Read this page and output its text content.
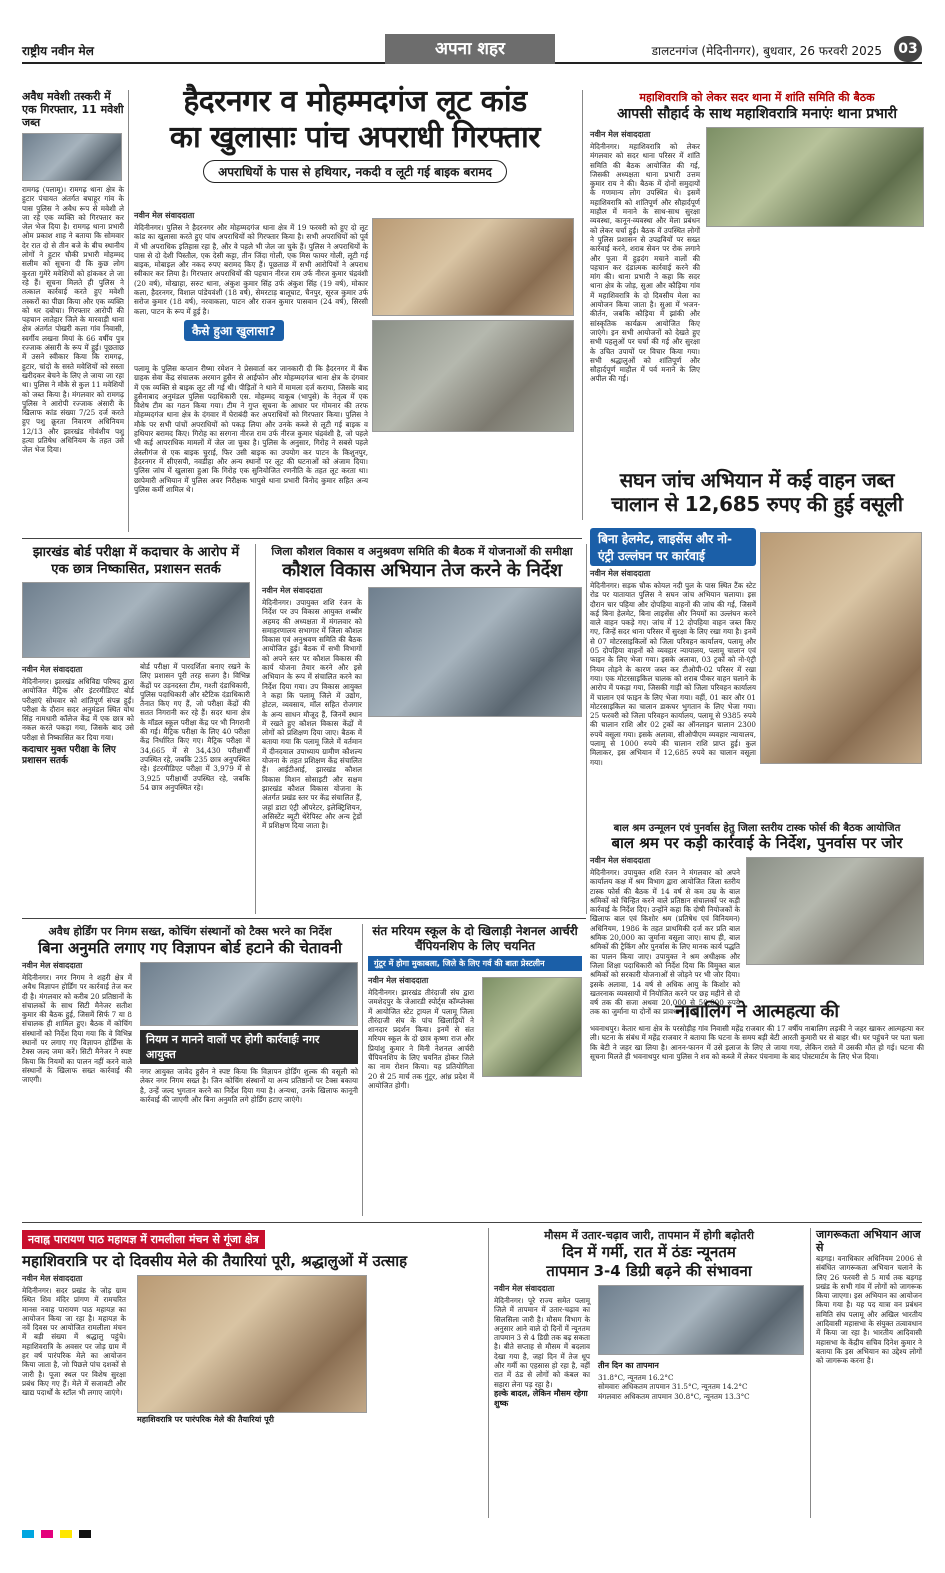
राष्ट्रीय नवीन मेल	अपना शहर	डालटनगंज (मेदिनीनगर), बुधवार, 26 फरवरी 2025	03
अवैध मवेशी तस्करी में एक गिरफ्तार, 11 मवेशी जब्त
रामगढ़ (पलामू)। रामगढ़ थाना क्षेत्र के हुटार पंचायत अंतर्गत बघाहूर गांव के पास पुलिस ने अवैध रूप से मवेशी ले जा रहे एक व्यक्ति को गिरफ्तार कर जेल भेज दिया है। रामगढ़ थाना प्रभारी ओम प्रकाश शाह ने बताया कि सोमवार देर रात दो से तीन बजे के बीच स्थानीय लोगों ने हुटार चौकी प्रभारी मोहम्मद सलीम को सूचना दी कि कुछ लोग कुरता गुमेरे मवेशियों को हांककर ले जा रहे हैं। सूचना मिलते ही पुलिस ने तत्काल कार्रवाई करते हुए मवेशी तस्करों का पीछा किया और एक व्यक्ति को धर दबोचा। गिरफ्तार आरोपी की पहचान लातेहार जिले के मारवाड़ी थाना क्षेत्र अंतर्गत पोखरी कला गांव निवासी, स्वर्गीय लखना मियां के 66 वर्षीय पुत्र रज्जाक अंसारी के रूप में हुई। पूछताछ में उसने स्वीकार किया कि रामगढ़, हुटार, चांदो के सस्ते मवेशियों को सस्ता खरीदकर बेचने के लिए ले जाया जा रहा था। पुलिस ने मौके से कुल 11 मवेशियों को जब्त किया है। मंगलवार को रामगढ़ पुलिस ने आरोपी रज्जाक अंसारी के खिलाफ कांड संख्या 7/25 दर्ज करते हुए पशु क्रूरता निवारण अधिनियम 12/13 और झारखंड गोवंशीय पशु हत्या प्रतिषेध अधिनियम के तहत उसे जेल भेज दिया।
हैदरनगर व मोहम्मदगंज लूट कांड
का खुलासाः पांच अपराधी गिरफ्तार
अपराधियों के पास से हथियार, नकदी व लूटी गई बाइक बरामद
नवीन मेल संवाददाता
मेदिनीनगर। पुलिस ने हैदरनगर और मोहम्मदगंज थाना क्षेत्र में 19 फरवरी को हुए दो लूट कांड का खुलासा करते हुए पांच अपराधियों को गिरफ्तार किया है। सभी अपराधियों को पूर्व में भी अपराधिक इतिहास रहा है, और वे पहले भी जेल जा चुके हैं। पुलिस ने अपराधियों के पास से दो देशी पिस्तौल, एक देसी कट्टा, तीन जिंदा गोली, एक मिस फायर गोली, लूटी गई बाइक, मोबाइल और नकद रुपए बरामद किए हैं। पूछताछ में सभी आरोपियों ने अपराध स्वीकार कर लिया है। गिरफ्तार अपराधियों की पहचान नीरज राम उर्फ नीरज कुमार चंद्रवंशी (20 वर्ष), मोखाहा, सरुट थाना, अंकुश कुमार सिंह उर्फ अंकुश सिंह (19 वर्ष), मोकार कला, हैदरनगर, विशाल पांडेयवंशी (18 वर्ष), सेमरटाड़ बालूघाट, चैनपुर, सूरज कुमार उर्फ सरोज कुमार (18 वर्ष), नरवाकला, पाटन और राजन कुमार पासवान (24 वर्ष), सिरसी कला, पाटन के रूप में हुई है।
कैसे हुआ खुलासा?
पलामू के पुलिस कप्तान रीष्मा रमेशन ने प्रेसवार्ता कर जानकारी दी कि हैदरनगर में बैंक ग्राहक सेवा केंद्र संचालक अरमान हुसैन से आईफोन और मोहम्मदगंज थाना क्षेत्र के दंगवार में एक व्यक्ति से बाइक लूट ली गई थी। पीड़ितों ने थाने में मामला दर्ज कराया, जिसके बाद हुसैनाबाद अनुमंडल पुलिस पदाधिकारी एस. मोहम्मद याकूब (भापुसे) के नेतृत्व में एक विशेष टीम का गठन किया गया। टीम ने गुप्त सूचना के आधार पर गोमनार की तरफ मोहम्मदगंज थाना क्षेत्र के दंगवार में घेराबंदी कर अपराधियों को गिरफ्तार किया। पुलिस ने मौके पर सभी पांचों अपराधियों को पकड़ लिया और उनके कब्जे से लूटी गई बाइक व हथियार बरामद किए। गिरोह का सरगना नीरज राम उर्फ नीरज कुमार चंद्रवंशी है, जो पहले भी कई आपराधिक मामलों में जेल जा चुका है। पुलिस के अनुसार, गिरोह ने सबसे पहले लेस्लीगंज से एक बाइक चुराई, फिर उसी बाइक का उपयोग कर पाटन के किशुनपुर, हैदरनगर में सीएसपी, नवडीहा और अन्य स्थानों पर लूट की घटनाओं को अंजाम दिया। पुलिस जांच में खुलासा हुआ कि गिरोह एक सुनियोजित रणनीति के तहत लूट करता था। छापेमारी अभियान में पुलिस अवर निरीक्षक भापुसे थाना प्रभारी विनोद कुमार सहित अन्य पुलिस कर्मी शामिल थे।
महाशिवरात्रि को लेकर सदर थाना में शांति समिति की बैठक
आपसी सौहार्द के साथ महाशिवरात्रि मनाएंः थाना प्रभारी
नवीन मेल संवाददाता
मेदिनीनगर। महाशिवरात्रि को लेकर मंगलवार को सदर थाना परिसर में शांति समिति की बैठक आयोजित की गई, जिसकी अध्यक्षता थाना प्रभारी उत्तम कुमार राय ने की। बैठक में दोनों समुदायों के गणमान्य लोग उपस्थित थे। इसमें महाशिवरात्रि को शांतिपूर्ण और सौहार्दपूर्ण माहौल में मनाने के साथ-साथ सुरक्षा व्यवस्था, कानून-व्यवस्था और मेला प्रबंधन को लेकर चर्चा हुई। बैठक में उपस्थित लोगों ने पुलिस प्रशासन से उपद्रवियों पर सख्त कार्रवाई करने, शराब सेवन पर रोक लगाने और पूजा में हुड़दंग मचाने वालों की पहचान कर दंडात्मक कार्रवाई करने की मांग की। थाना प्रभारी ने कहा कि सदर थाना क्षेत्र के जोड़, सुआ और कौड़िया गांव में महाशिवरात्रि के दो दिवसीय मेला का आयोजन किया जाता है। सुआ में भजन-कीर्तन, जबकि कौड़िया में झांकी और सांस्कृतिक कार्यक्रम आयोजित किए जाएंगे। इन सभी आयोजनों को देखते हुए सभी पहलुओं पर चर्चा की गई और सुरक्षा के उचित उपायों पर विचार किया गया। सभी श्रद्धालुओं को शांतिपूर्ण और सौहार्दपूर्ण माहौल में पर्व मनाने के लिए अपील की गई।
सघन जांच अभियान में कई वाहन जब्त
चालान से 12,685 रुपए की हुई वसूली
बिना हेलमेट, लाइसेंस और नो-
एंट्री उल्लंघन पर कार्रवाई
नवीन मेल संवाददाता
मेदिनीनगर। सड़क चौक कोयल नदी पुल के पास स्थित टैंक स्टेट रोड पर यातायात पुलिस ने सघन जांच अभियान चलाया। इस दौरान चार पहिया और दोपहिया वाहनों की जांच की गई, जिसमें कई बिना हेलमेट, बिना लाइसेंस और नियमों का उल्लंघन करने वाले वाहन पकड़े गए। जांच में 12 दोपहिया वाहन जब्त किए गए, जिन्हें सदर थाना परिसर में सुरक्षा के लिए रखा गया है। इनमें से 07 मोटरसाइकिलों को जिला परिवहन कार्यालय, पलामू और 05 दोपहिया वाहनों को व्यवहार न्यायालय, पलामू चालान एवं फाइन के लिए भेजा गया। इसके अलावा, 03 ट्रकों को नो-एंट्री नियम तोड़ने के कारण जब्त कर टीओपी-02 परिसर में रखा गया। एक मोटरसाइकिल चालक को शराब पीकर वाहन चलाने के आरोप में पकड़ा गया, जिसकी गाड़ी को जिला परिवहन कार्यालय में चालान एवं फाइन के लिए भेजा गया। वहीं, 01 कार और 01 मोटरसाइकिल का चालान डाकघर भुगतान के लिए भेजा गया। 25 फरवरी को जिला परिवहन कार्यालय, पलामू से 9385 रुपये की चालान राशि और 02 ट्रकों का ऑनलाइन चालान 2300 रुपये वसूला गया। इसके अलावा, सीओपीएम व्यवहार न्यायालय, पलामू से 1000 रुपये की चालान राशि प्राप्त हुई। कुल मिलाकर, इस अभियान में 12,685 रुपये का चालान वसूला गया।
झारखंड बोर्ड परीक्षा में कदाचार के आरोप में एक छात्र निष्कासित, प्रशासन सतर्क
नवीन मेल संवाददाता
मेदिनीनगर। झारखंड अधिविद्य परिषद द्वारा आयोजित मैट्रिक और इंटरमीडिएट बोर्ड परीक्षाएं सोमवार को शांतिपूर्ण संपन्न हुईं। परीक्षा के दौरान सदर अनुमंडल स्थित योध सिंह नामधारी कॉलेज केंद्र में एक छात्र को नकल करते पकड़ा गया, जिसके बाद उसे परीक्षा से निष्कासित कर दिया गया।
कदाचार मुक्त परीक्षा के लिए प्रशासन सतर्क
बोर्ड परीक्षा में पारदर्शिता बनाए रखने के लिए प्रशासन पूरी तरह सजग है। विभिन्न केंद्रों पर उड़नदस्ता टीम, गश्ती दंडाधिकारी, पुलिस पदाधिकारी और स्टैटिक दंडाधिकारी तैनात किए गए हैं, जो परीक्षा केंद्रों की सतत निगरानी कर रहे हैं। सदर थाना क्षेत्र के मॉडल स्कूल परीक्षा केंद्र पर भी निगरानी की गई। मैट्रिक परीक्षा के लिए 40 परीक्षा केंद्र निर्धारित किए गए। मैट्रिक परीक्षा में 34,665 में से 34,430 परीक्षार्थी उपस्थित रहे, जबकि 235 छात्र अनुपस्थित रहे। इंटरमीडिएट परीक्षा में 3,979 में से 3,925 परीक्षार्थी उपस्थित रहे, जबकि 54 छात्र अनुपस्थित रहे।
जिला कौशल विकास व अनुश्रवण समिति की बैठक में योजनाओं की समीक्षा
कौशल विकास अभियान तेज करने के निर्देश
नवीन मेल संवाददाता
मेदिनीनगर। उपायुक्त शशि रंजन के निर्देश पर उप विकास आयुक्त शब्बीर अहमद की अध्यक्षता में मंगलवार को समाहरणालय सभागार में जिला कौशल विकास एवं अनुश्रवण समिति की बैठक आयोजित हुई। बैठक में सभी विभागों को अपने स्तर पर कौशल विकास की कार्य योजना तैयार करने और इसे अभियान के रूप में संचालित करने का निर्देश दिया गया। उप विकास आयुक्त ने कहा कि पलामू जिले में उद्योग, होटल, व्यवसाय, मॉल सहित रोजगार के अन्य साधन मौजूद हैं, जिनमें स्थान में रखते हुए कौशल विकास केंद्रों में लोगों को प्रशिक्षण दिया जाए। बैठक में बताया गया कि पलामू जिले में वर्तमान में दीनदयाल उपाध्याय ग्रामीण कौशल्य योजना के तहत प्रशिक्षण केंद्र संचालित हैं। आईटीआई, झारखंड कौशल विकास मिशन सोसाइटी और सक्षम झारखंड कौशल विकास योजना के अंतर्गत प्रखंड स्तर पर केंद्र संचालित हैं, जहां डाटा एंट्री ऑपरेटर, इलेक्ट्रिशियन, असिस्टेंट ब्यूटी थेरेपिस्ट और अन्य ट्रेडों में प्रशिक्षण दिया जाता है।	बाल श्रम उन्मूलन एवं पुनर्वास हेतु जिला स्तरीय टास्क फोर्स की बैठक आयोजित
बाल श्रम पर कड़ी कार्रवाई के निर्देश, पुनर्वास पर जोर
नवीन मेल संवाददाता
मेदिनीनगर। उपायुक्त शशि रंजन ने मंगलवार को अपने कार्यालय कक्ष में श्रम विभाग द्वारा आयोजित जिला स्तरीय टास्क फोर्स की बैठक में 14 वर्ष से कम उम्र के बाल श्रमिकों को चिन्हित करने वाले प्रतिष्ठान संचालकों पर कड़ी कार्रवाई के निर्देश दिए। उन्होंने कहा कि दोषी नियोजकों के खिलाफ बाल एवं किशोर श्रम (प्रतिषेध एवं विनियमन) अधिनियम, 1986 के तहत प्राथमिकी दर्ज कर प्रति बाल श्रमिक 20,000 का जुर्माना वसूला जाए। साथ ही, बाल श्रमिकों की ट्रैकिंग और पुनर्वास के लिए मानक कार्य पद्धति का पालन किया जाए। उपायुक्त ने श्रम अधीक्षक और जिला शिक्षा पदाधिकारी को निर्देश दिया कि विमुक्त बाल श्रमिकों को सरकारी योजनाओं से जोड़ने पर भी जोर दिया। इसके अलावा, 14 वर्ष से अधिक आयु के किशोर को खतरनाक व्यवसायों में नियोजित करने पर छह महीने से दो वर्ष तक की सजा अथवा 20,000 से 50,000 रुपये तक का जुर्माना या दोनों का प्रावधान है।
नाबालिग ने आत्महत्या की
भवनाथपुर। केतार थाना क्षेत्र के परसोड़ीह गांव निवासी महेंद्र राजवार की 17 वर्षीय नाबालिग लड़की ने जहर खाकर आत्महत्या कर ली। घटना के संबंध में महेंद्र राजवार ने बताया कि घटना के समय बड़ी बेटी आरती कुमारी घर से बाहर थी। घर पहुंचने पर पता चला कि बेटी ने जहर खा लिया है। आनन-फानन में उसे इलाज के लिए ले जाया गया, लेकिन रास्ते में उसकी मौत हो गई। घटना की सूचना मिलते ही भवनाथपुर थाना पुलिस ने शव को कब्जे में लेकर पंचनामा के बाद पोस्टमार्टम के लिए भेज दिया।
अवैध होर्डिंग पर निगम सख्त, कोचिंग संस्थानों को टैक्स भरने का निर्देश
बिना अनुमति लगाए गए विज्ञापन बोर्ड हटाने की चेतावनी
नवीन मेल संवाददाता
मेदिनीनगर। नगर निगम ने शहरी क्षेत्र में अवैध विज्ञापन होर्डिंग पर कार्रवाई तेज कर दी है। मंगलवार को करीब 20 प्रतिष्ठानों के संचालकों के साथ सिटी मैनेजर सतीश कुमार की बैठक हुई, जिसमें सिर्फ 7 या 8 संचालक ही शामिल हुए। बैठक में कोचिंग संस्थानों को निर्देश दिया गया कि वे विभिन्न स्थानों पर लगाए गए विज्ञापन होर्डिंग्स के टैक्स जल्द जमा करें। सिटी मैनेजर ने स्पष्ट किया कि नियमों का पालन नहीं करने वाले संस्थानों के खिलाफ सख्त कार्रवाई की जाएगी।
नियम न मानने वालों पर होगी कार्रवाईः नगर आयुक्त
नगर आयुक्त जावेद हुसैन ने स्पष्ट किया कि विज्ञापन होर्डिंग शुल्क की वसूली को लेकर नगर निगम सख्त है। जिन कोचिंग संस्थानों या अन्य प्रतिष्ठानों पर टैक्स बकाया है, उन्हें जल्द भुगतान करने का निर्देश दिया गया है। अन्यथा, उनके खिलाफ कानूनी कार्रवाई की जाएगी और बिना अनुमति लगे होर्डिंग हटाए जाएंगे।
संत मरियम स्कूल के दो खिलाड़ी नेशनल आर्चरी चैंपियनशिप के लिए चयनित
गुंटूर में होगा मुकाबला, जिले के लिए गर्व की बातः प्रेस्टलीन
नवीन मेल संवाददाता
मेदिनीनगर। झारखंड तीरंदाजी संघ द्वारा जमशेदपुर के जेआरडी स्पोर्ट्स कॉम्प्लेक्स में आयोजित स्टेट ट्रायल में पलामू जिला तीरंदाजी संघ के पांच खिलाड़ियों ने शानदार प्रदर्शन किया। इनमें से संत मरियम स्कूल के दो छात्र कृष्णा राज और प्रियांशु कुमार ने मिनी नेशनल आर्चरी चैंपियनशिप के लिए चयनित होकर जिले का नाम रोशन किया। यह प्रतियोगिता 20 से 25 मार्च तक गुंटूर, आंध्र प्रदेश में आयोजित होगी।
नवाह्न पारायण पाठ महायज्ञ में रामलीला मंचन से गूंजा क्षेत्र
महाशिवरात्रि पर दो दिवसीय मेले की तैयारियां पूरी, श्रद्धालुओं में उत्साह
नवीन मेल संवाददाता
मेदिनीनगर। सदर प्रखंड के जोड़ ग्राम स्थित शिव मंदिर प्रांगण में रामचरित मानस नवाह पारायण पाठ महायज्ञ का आयोजन किया जा रहा है। महायज्ञ के नवें दिवस पर आयोजित रामलीला मंचन में बड़ी संख्या में श्रद्धालु पहुंचे। महाशिवरात्रि के अवसर पर जोड़ ग्राम में हर वर्ष पारंपरिक मेले का आयोजन किया जाता है, जो पिछले पांच दशकों से जारी है। पूजा स्थल पर विशेष सुरक्षा प्रबंध किए गए हैं। मेले में सजावटी और खाद्य पदार्थों के स्टॉल भी लगाए जाएंगे।
महाशिवरात्रि पर पारंपरिक मेले की तैयारियां पूरी
मौसम में उतार-चढ़ाव जारी, तापमान में होगी बढ़ोतरी
दिन में गर्मी, रात में ठंडः न्यूनतम
तापमान 3-4 डिग्री बढ़ने की संभावना
नवीन मेल संवाददाता
मेदिनीनगर। पूरे राज्य समेत पलामू जिले में तापमान में उतार-चढ़ाव का सिलसिला जारी है। मौसम विभाग के अनुसार आने वाले दो दिनों में न्यूनतम तापमान 3 से 4 डिग्री तक बढ़ सकता है। बीते सप्ताह से मौसम में बदलाव देखा गया है, जहां दिन में तेज धूप और गर्मी का एहसास हो रहा है, वहीं रात में ठंड से लोगों को कंबल का सहारा लेना पड़ रहा है।
हल्के बादल, लेकिन मौसम रहेगा शुष्क
तीन दिन का तापमान
31.8°C, न्यूनतम 16.2°C
सोमवारः अधिकतम तापमान 31.5°C, न्यूनतम 14.2°C
मंगलवारः अधिकतम तापमान 30.8°C, न्यूनतम 13.3°C
जागरूकता अभियान आज से
बड़गड़। वनाधिकार अधिनियम 2006 से संबंधित जागरूकता अभियान चलाने के लिए 26 फरवरी से 5 मार्च तक बड़गड़ प्रखंड के सभी गांव में लोगों को जागरूक किया जाएगा। इस अभियान का आयोजन किया गया है। यह पद यात्रा वन प्रबंधन समिति संघ पलामू और अखिल भारतीय आदिवासी महासभा के संयुक्त तत्वावधान में किया जा रहा है। भारतीय आदिवासी महासभा के केंद्रीय सचिव दिनेश कुमार ने बताया कि इस अभियान का उद्देश्य लोगों को जागरूक करना है।
